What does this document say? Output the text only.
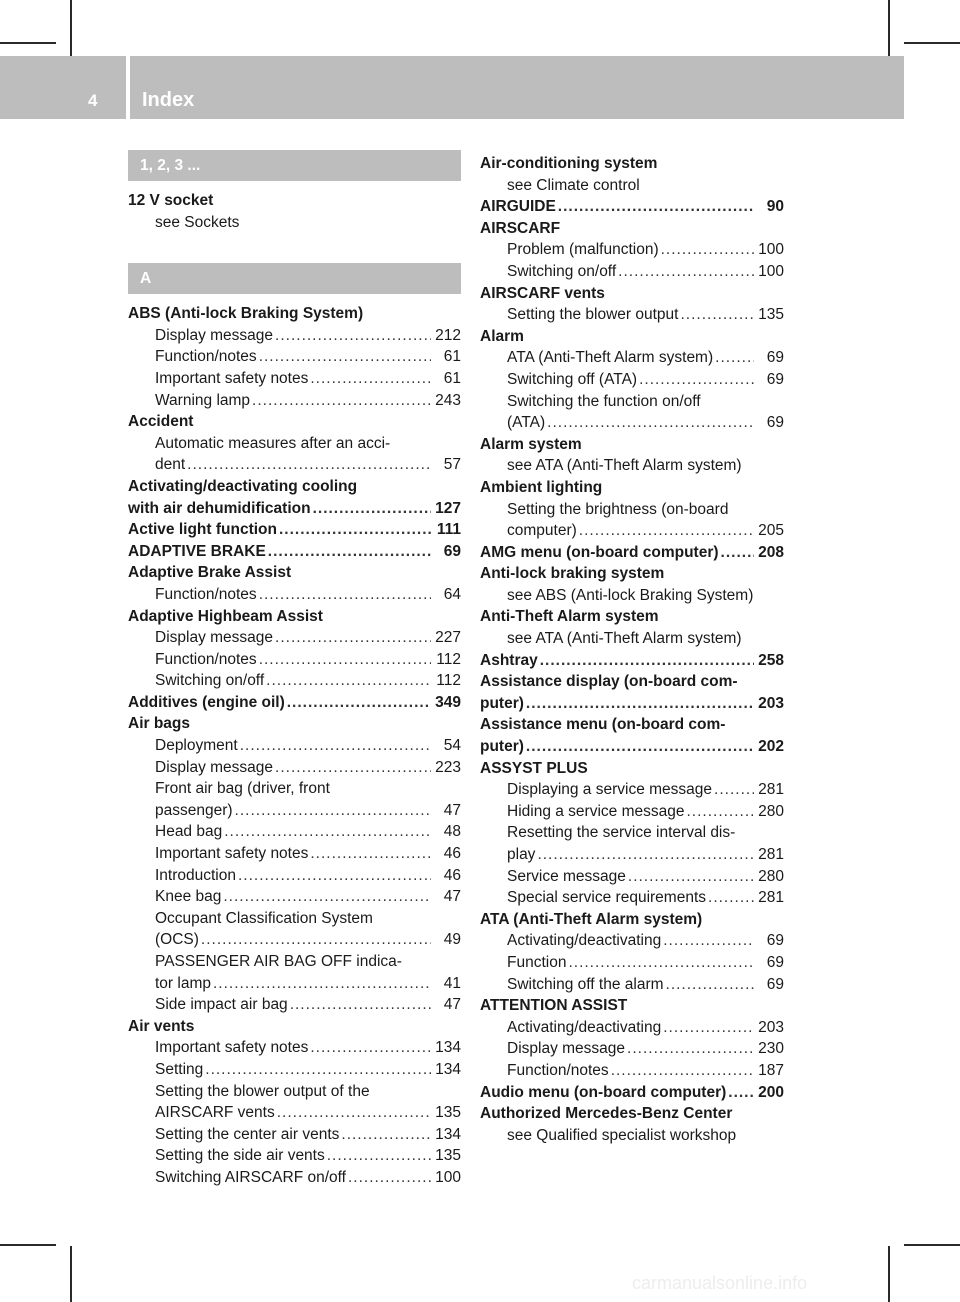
4 Index
1, 2, 3 ...
12 V socket
see Sockets
A
ABS (Anti-lock Braking System)
Display message .....	212
Function/notes .....	61
Important safety notes .....	61
Warning lamp .....	243
Accident
Automatic measures after an acci-
dent .....	57
Activating/deactivating cooling
with air dehumidification .....	127
Active light function .....	111
ADAPTIVE BRAKE .....	69
Adaptive Brake Assist
Function/notes .....	64
Adaptive Highbeam Assist
Display message .....	227
Function/notes .....	112
Switching on/off .....	112
Additives (engine oil) .....	349
Air bags
Deployment .....	54
Display message .....	223
Front air bag (driver, front
passenger) .....	47
Head bag .....	48
Important safety notes .....	46
Introduction .....	46
Knee bag .....	47
Occupant Classification System
(OCS) .....	49
PASSENGER AIR BAG OFF indica-
tor lamp .....	41
Side impact air bag .....	47
Air vents
Important safety notes .....	134
Setting .....	134
Setting the blower output of the
AIRSCARF vents .....	135
Setting the center air vents .....	134
Setting the side air vents .....	135
Switching AIRSCARF on/off .....	100
Air-conditioning system
see Climate control
AIRGUIDE .....	90
AIRSCARF
Problem (malfunction) .....	100
Switching on/off .....	100
AIRSCARF vents
Setting the blower output .....	135
Alarm
ATA (Anti-Theft Alarm system) .....	69
Switching off (ATA) .....	69
Switching the function on/off
(ATA) .....	69
Alarm system
see ATA (Anti-Theft Alarm system)
Ambient lighting
Setting the brightness (on-board
computer) .....	205
AMG menu (on-board computer) .....	208
Anti-lock braking system
see ABS (Anti-lock Braking System)
Anti-Theft Alarm system
see ATA (Anti-Theft Alarm system)
Ashtray .....	258
Assistance display (on-board com-
puter) .....	203
Assistance menu (on-board com-
puter) .....	202
ASSYST PLUS
Displaying a service message .....	281
Hiding a service message .....	280
Resetting the service interval dis-
play .....	281
Service message .....	280
Special service requirements .....	281
ATA (Anti-Theft Alarm system)
Activating/deactivating .....	69
Function .....	69
Switching off the alarm .....	69
ATTENTION ASSIST
Activating/deactivating .....	203
Display message .....	230
Function/notes .....	187
Audio menu (on-board computer) ..... 200
Authorized Mercedes-Benz Center
see Qualified specialist workshop
carmanualsonline.info
